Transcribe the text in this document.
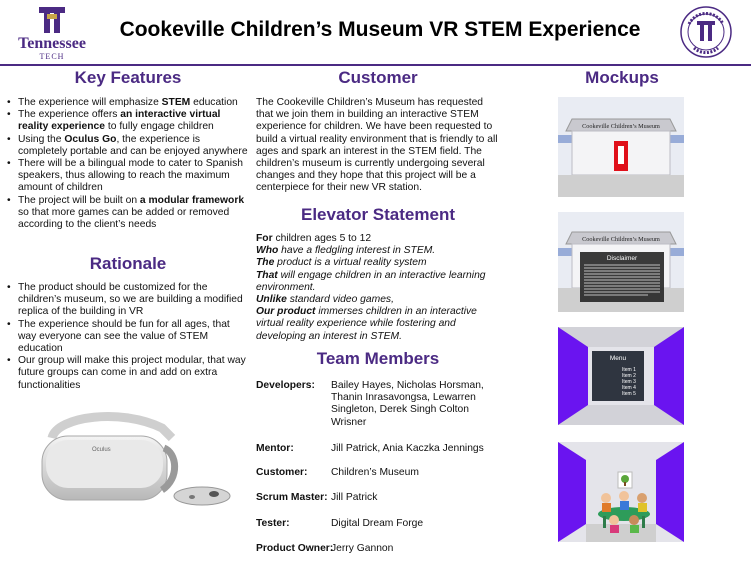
Tennessee
TECH
Cookeville Children’s Museum VR STEM Experience
Key Features
• The experience will emphasize STEM education
• The experience offers an interactive virtual reality experience to fully engage children
• Using the Oculus Go, the experience is completely portable and can be enjoyed anywhere
• There will be a bilingual mode to cater to Spanish speakers, thus allowing to reach the maximum amount of children
• The project will be built on a modular framework so that more games can be added or removed according to the client’s needs
Rationale
• The product should be customized for the children’s museum, so we are building a modified replica of the building in VR
• The experience should be fun for all ages, that way everyone can see the value of STEM education
• Our group will make this project modular, that way future groups can come in and add on extra functionalities
Oculus
Customer
The Cookeville Children’s Museum has requested that we join them in building an interactive STEM experience for children. We have been requested to build a virtual reality environment that is friendly to all ages and spark an interest in the STEM field. The children’s museum is currently undergoing several changes and they hope that this project will be a centerpiece for their new VR station.
Elevator Statement

For children ages 5 to 12

Who have a fledgling interest in STEM.

The product is a virtual reality system

That will engage children in an interactive learning environment.

Unlike standard video games,

Our product immerses children in an interactive virtual reality experience while fostering and developing an interest in STEM.

Team Members
Developers: Bailey Hayes, Nicholas Horsman, Thanin Inrasavongsa, Lewarren Singleton, Derek Singh Colton Wrisner
Mentor:	Jill Patrick, Ania Kaczka Jennings
Customer: Children’s Museum
Scrum Master: Jill Patrick
Tester:	Digital Dream Forge
Product Owner:
Jerry Gannon
Mockups
Cookeville Children’s Museum
Cookeville Children’s Museum
Disclaimer
Menu
Item 1
Item 2
Item 3
Item 4
Item 5
